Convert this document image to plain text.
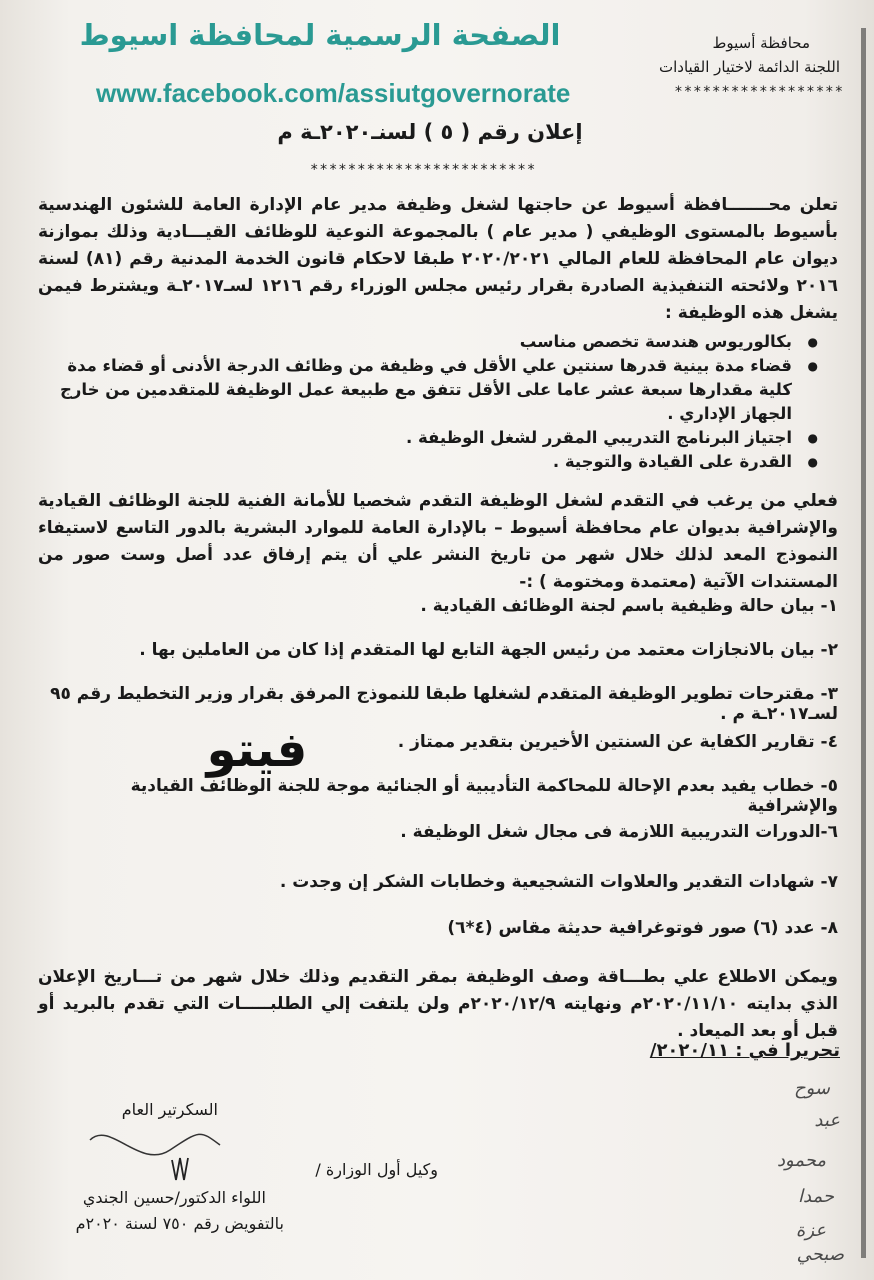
الصفحة الرسمية لمحافظة اسيوط
www.facebook.com/assiutgovernorate
محافظة أسيوط
اللجنة الدائمة لاختيار القيادات
******************
إعلان رقم ( ٥ ) لسنـ٢٠٢٠ـة م
************************
تعلن محـــــــافظة أسيوط عن حاجتها لشغل وظيفة مدير عام الإدارة العامة للشئون الهندسية بأسيوط بالمستوى الوظيفي ( مدير عام ) بالمجموعة النوعية للوظائف القيـــادية وذلك بموازنة ديوان عام المحافظة للعام المالي ٢٠٢٠/٢٠٢١ طبقا لاحكام قانون الخدمة المدنية رقم (٨١) لسنة ٢٠١٦ ولائحته التنفيذية الصادرة بقرار رئيس مجلس الوزراء رقم ١٢١٦ لسـ٢٠١٧ـة ويشترط فيمن يشغل هذه الوظيفة :
● بكالوريوس هندسة تخصص مناسب
● قضاء مدة بينية قدرها سنتين علي الأقل في وظيفة من وظائف الدرجة الأدنى أو قضاء مدة كلية مقدارها سبعة عشر عاما على الأقل تتفق مع طبيعة عمل الوظيفة للمتقدمين من خارج الجهاز الإداري .
● اجتياز البرنامج التدريبي المقرر لشغل الوظيفة .
● القدرة على القيادة والتوجية .
فعلي من يرغب في التقدم لشغل الوظيفة التقدم شخصيا للأمانة الفنية للجنة الوظائف القيادية والإشرافية بديوان عام محافظة أسيوط – بالإدارة العامة للموارد البشرية بالدور التاسع لاستيفاء النموذج المعد لذلك خلال شهر من تاريخ النشر علي أن يتم إرفاق عدد أصل وست صور من المستندات الآتية (معتمدة ومختومة ) :-
١- بيان حالة وظيفية باسم لجنة الوظائف القيادية .
٢- بيان بالانجازات معتمد من رئيس الجهة التابع لها المتقدم إذا كان من العاملين بها .
٣- مقترحات تطوير الوظيفة المتقدم لشغلها طبقا للنموذج المرفق بقرار وزير التخطيط رقم ٩٥ لسـ٢٠١٧ـة م .
٤- تقارير الكفاية عن السنتين الأخيرين بتقدير ممتاز .
٥- خطاب يفيد بعدم الإحالة للمحاكمة التأديبية أو الجنائية موجة للجنة الوظائف القيادية والإشرافية
٦-الدورات التدريبية اللازمة فى مجال شغل الوظيفة .
٧- شهادات التقدير والعلاوات التشجيعية وخطابات الشكر إن وجدت .
٨- عدد (٦) صور فوتوغرافية حديثة مقاس (٤*٦)
فيتو
ويمكن الاطلاع علي بطـــاقة وصف الوظيفة بمقر التقديم وذلك خلال شهر من تـــاريخ الإعلان الذي بدايته ٢٠٢٠/١١/١٠م ونهايته ٢٠٢٠/١٢/٩م ولن يلتفت إلي الطلبـــــات التي تقدم بالبريد أو قبل أو بعد الميعاد .
تحريرا في : ٢٠٢٠/١١/
السكرتير العام
وكيل أول الوزارة /
اللواء الدكتور/حسين الجندي
بالتفويض رقم ٧٥٠ لسنة ٢٠٢٠م
سوح
عبد
محمود
حمدا
عزة
صبحي
